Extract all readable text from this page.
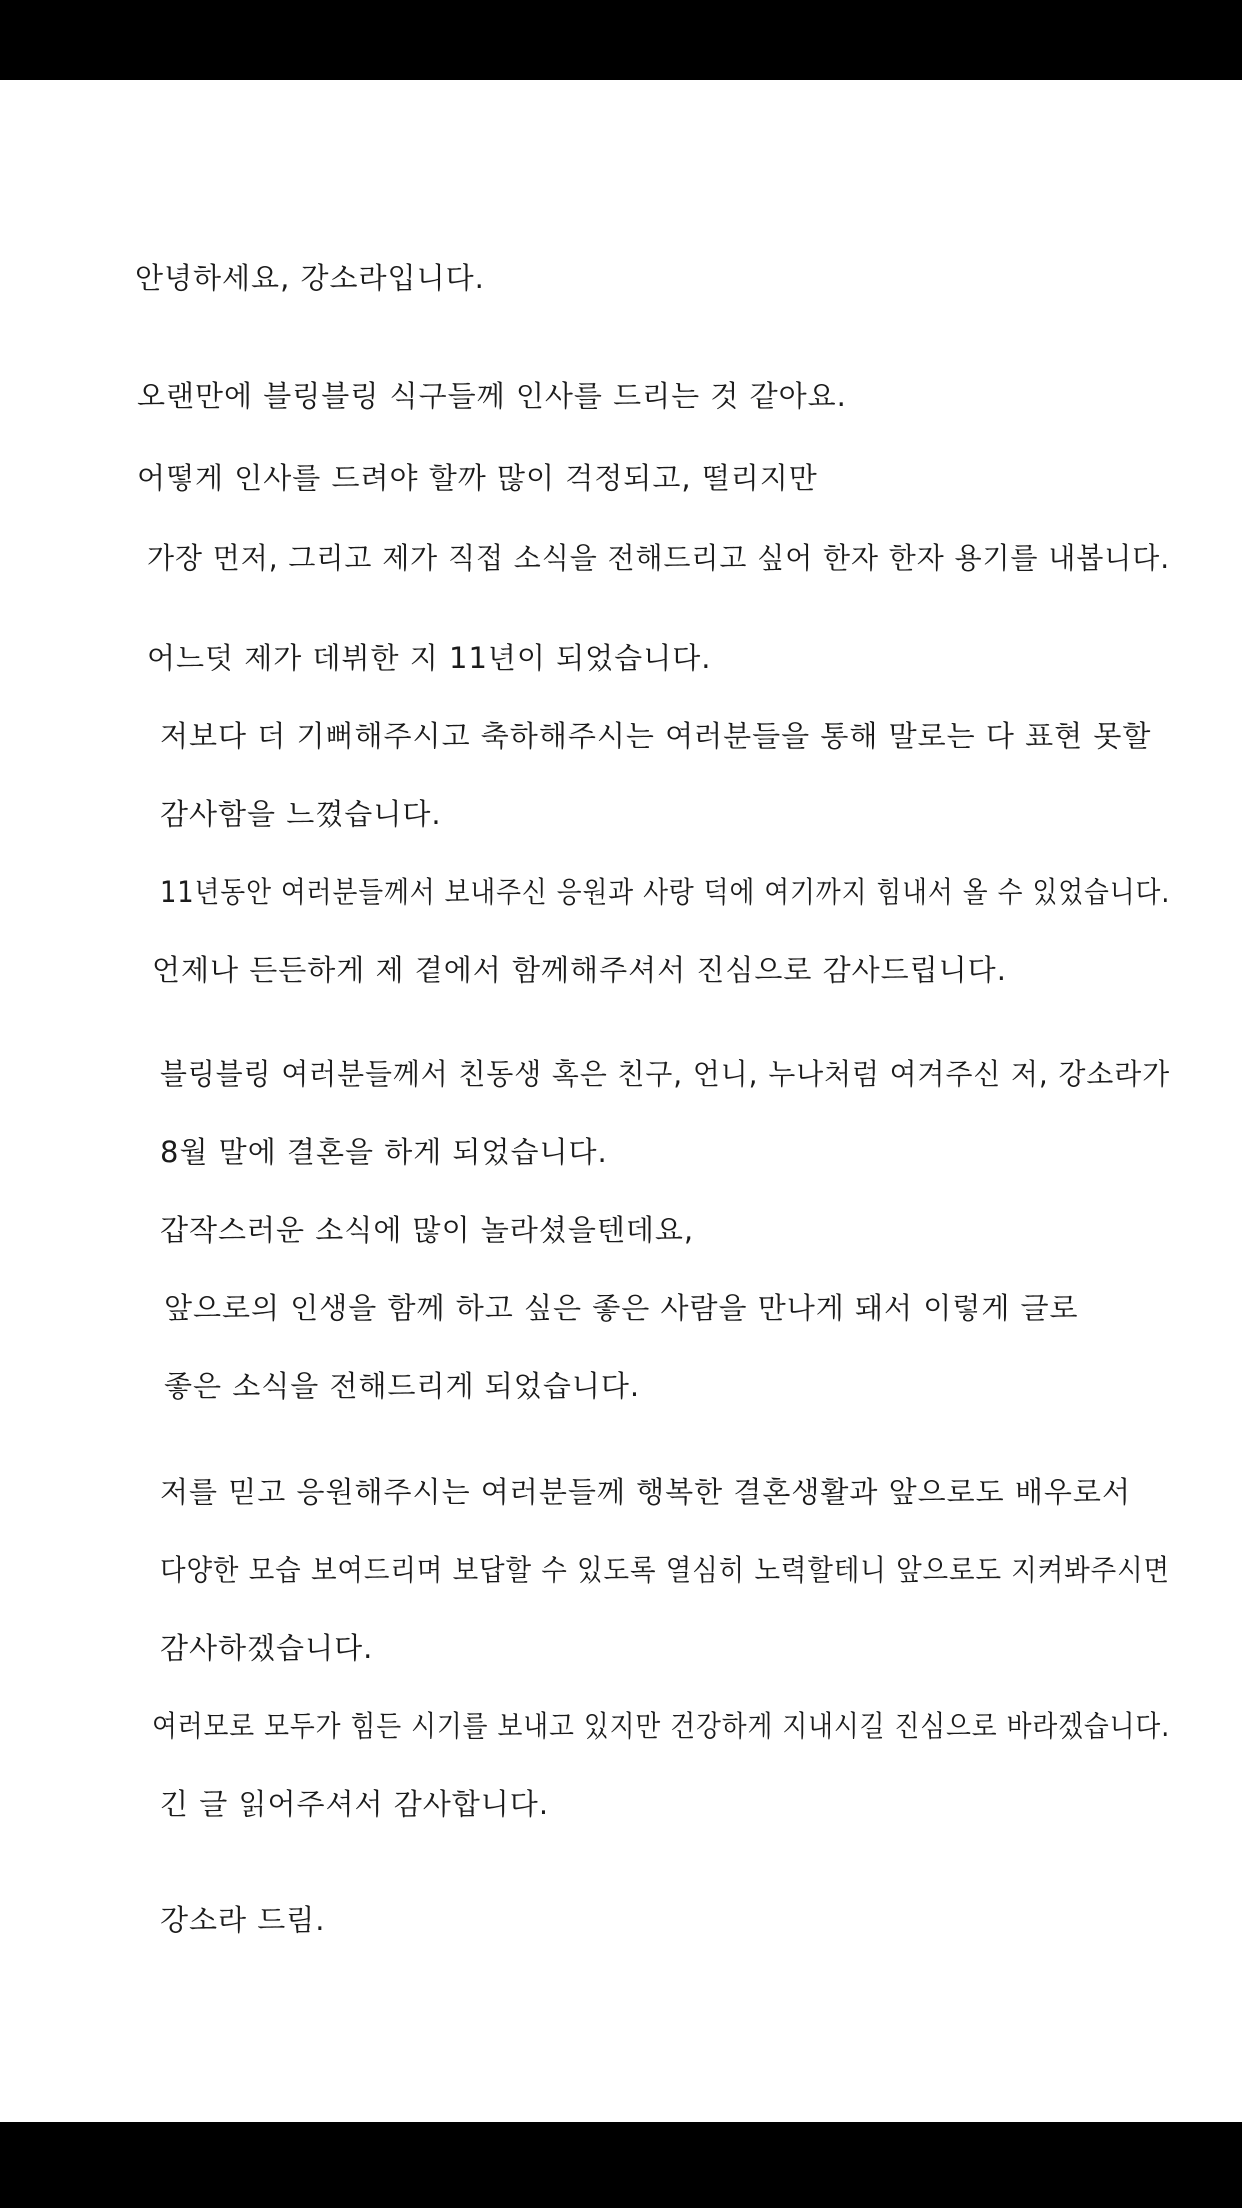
안녕하세요, 강소라입니다.

오랜만에 블링블링 식구들께 인사를 드리는 것 같아요.

어떻게 인사를 드려야 할까 많이 걱정되고, 떨리지만

가장 먼저, 그리고 제가 직접 소식을 전해드리고 싶어 한자 한자 용기를 내봅니다.

어느덧 제가 데뷔한 지 11년이 되었습니다.

저보다 더 기뻐해주시고 축하해주시는 여러분들을 통해 말로는 다 표현 못할

감사함을 느꼈습니다.

11년동안 여러분들께서 보내주신 응원과 사랑 덕에 여기까지 힘내서 올 수 있었습니다.

언제나 든든하게 제 곁에서 함께해주셔서 진심으로 감사드립니다.

블링블링 여러분들께서 친동생 혹은 친구, 언니, 누나처럼 여겨주신 저, 강소라가

8월 말에 결혼을 하게 되었습니다.

갑작스러운 소식에 많이 놀라셨을텐데요,

앞으로의 인생을 함께 하고 싶은 좋은 사람을 만나게 돼서 이렇게 글로

좋은 소식을 전해드리게 되었습니다.

저를 믿고 응원해주시는 여러분들께 행복한 결혼생활과 앞으로도 배우로서

다양한 모습 보여드리며 보답할 수 있도록 열심히 노력할테니 앞으로도 지켜봐주시면

감사하겠습니다.

여러모로 모두가 힘든 시기를 보내고 있지만 건강하게 지내시길 진심으로 바라겠습니다.

긴 글 읽어주셔서 감사합니다.

강소라 드림.
